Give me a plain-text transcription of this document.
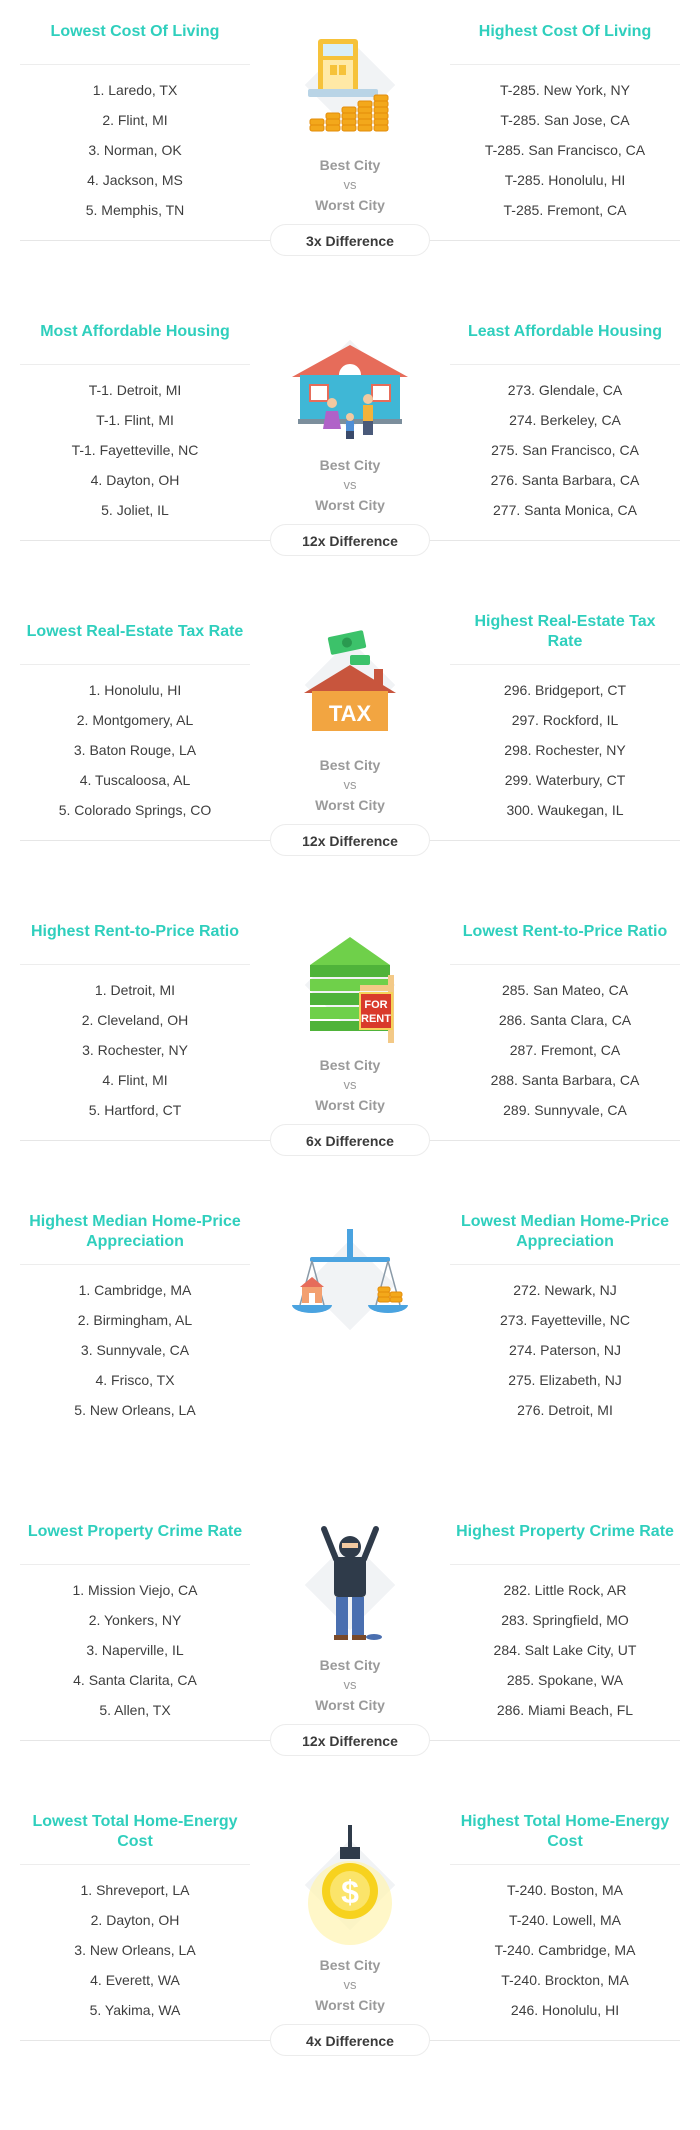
Lowest Cost Of Living
1. Laredo, TX
2. Flint, MI
3. Norman, OK
4. Jackson, MS
5. Memphis, TN
Best City
vs
Worst City
Highest Cost Of Living
T-285. New York, NY
T-285. San Jose, CA
T-285. San Francisco, CA
T-285. Honolulu, HI
T-285. Fremont, CA
3x Difference
Most Affordable Housing
T-1. Detroit, MI
T-1. Flint, MI
T-1. Fayetteville, NC
4. Dayton, OH
5. Joliet, IL
Best City
vs
Worst City
Least Affordable Housing
273. Glendale, CA
274. Berkeley, CA
275. San Francisco, CA
276. Santa Barbara, CA
277. Santa Monica, CA
12x Difference
Lowest Real-Estate Tax Rate
1. Honolulu, HI
2. Montgomery, AL
3. Baton Rouge, LA
4. Tuscaloosa, AL
5. Colorado Springs, CO
TAX
Best City
vs
Worst City
Highest Real-Estate Tax Rate
296. Bridgeport, CT
297. Rockford, IL
298. Rochester, NY
299. Waterbury, CT
300. Waukegan, IL
12x Difference
Highest Rent-to-Price Ratio
1. Detroit, MI
2. Cleveland, OH
3. Rochester, NY
4. Flint, MI
5. Hartford, CT
FOR
RENT
Best City
vs
Worst City
Lowest Rent-to-Price Ratio
285. San Mateo, CA
286. Santa Clara, CA
287. Fremont, CA
288. Santa Barbara, CA
289. Sunnyvale, CA
6x Difference
Highest Median Home-Price Appreciation
1. Cambridge, MA
2. Birmingham, AL
3. Sunnyvale, CA
4. Frisco, TX
5. New Orleans, LA
Lowest Median Home-Price Appreciation
272. Newark, NJ
273. Fayetteville, NC
274. Paterson, NJ
275. Elizabeth, NJ
276. Detroit, MI
Lowest Property Crime Rate
1. Mission Viejo, CA
2. Yonkers, NY
3. Naperville, IL
4. Santa Clarita, CA
5. Allen, TX
Best City
vs
Worst City
Highest Property Crime Rate
282. Little Rock, AR
283. Springfield, MO
284. Salt Lake City, UT
285. Spokane, WA
286. Miami Beach, FL
12x Difference
Lowest Total Home-Energy Cost
1. Shreveport, LA
2. Dayton, OH
3. New Orleans, LA
4. Everett, WA
5. Yakima, WA
$
Best City
vs
Worst City
Highest Total Home-Energy Cost
T-240. Boston, MA
T-240. Lowell, MA
T-240. Cambridge, MA
T-240. Brockton, MA
246. Honolulu, HI
4x Difference
